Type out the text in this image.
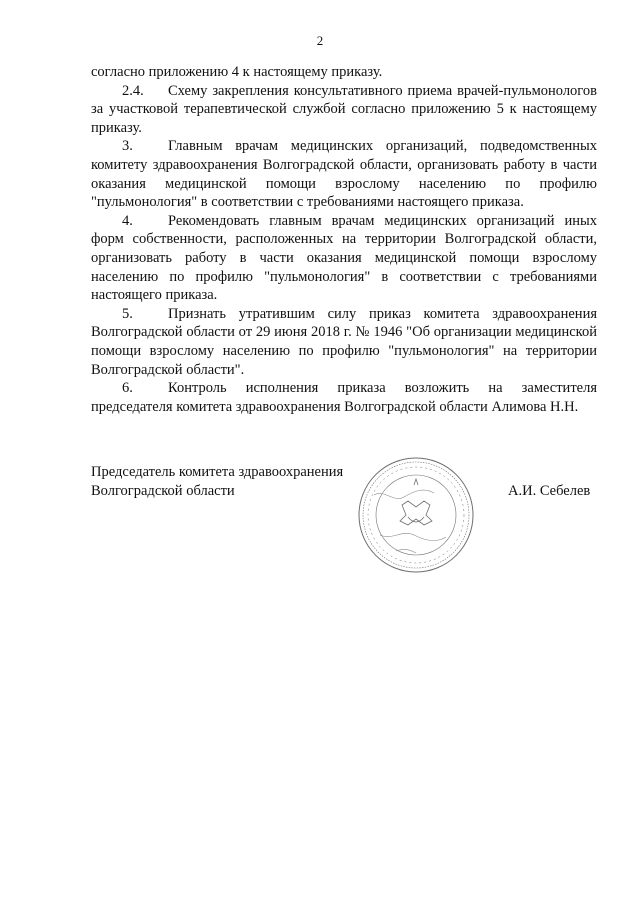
2

согласно приложению 4 к настоящему приказу.

2.4. Схему закрепления консультативного приема врачей-пульмонологов за участковой терапевтической службой согласно приложению 5 к настоящему приказу.

3. Главным врачам медицинских организаций, подведомственных комитету здравоохранения Волгоградской области, организовать работу в части оказания медицинской помощи взрослому населению по профилю "пульмонология" в соответствии с требованиями настоящего приказа.

4. Рекомендовать главным врачам медицинских организаций иных форм собственности, расположенных на территории Волгоградской области, организовать работу в части оказания медицинской помощи взрослому населению по профилю "пульмонология" в соответствии с требованиями настоящего приказа.

5. Признать утратившим силу приказ комитета здравоохранения Волгоградской области от 29 июня 2018 г. № 1946 "Об организации медицинской помощи взрослому населению по профилю "пульмонология" на территории Волгоградской области".

6. Контроль исполнения приказа возложить на заместителя председателя комитета здравоохранения Волгоградской области Алимова Н.Н.

Председатель комитета здравоохранения
Волгоградской области	А.И. Себелев
